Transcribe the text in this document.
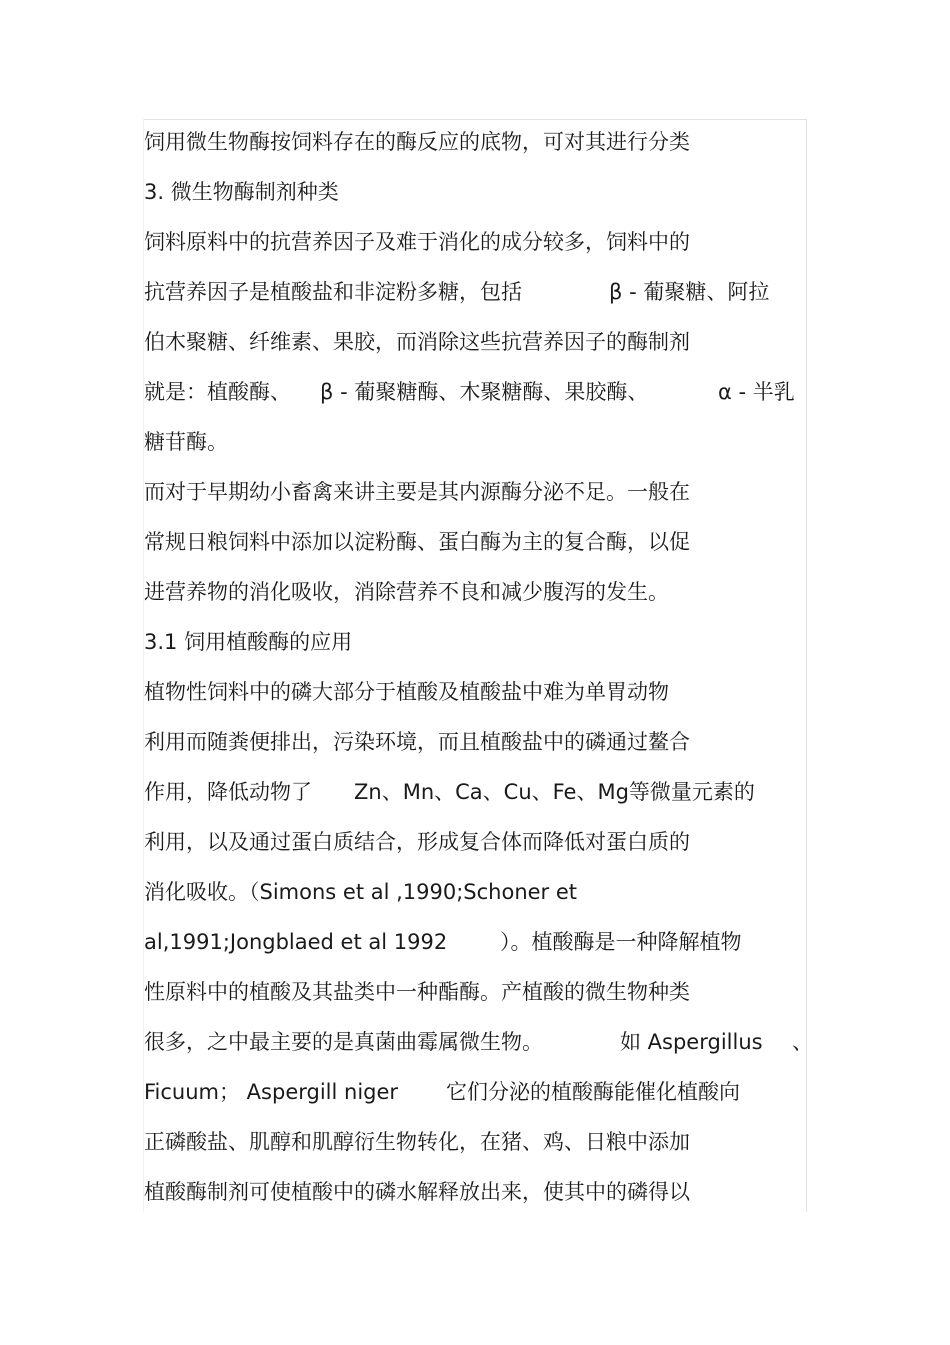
饲用微生物酶按饲料存在的酶反应的底物，可对其进行分类
3. 微生物酶制剂种类
饲料原料中的抗营养因子及难于消化的成分较多，饲料中的
抗营养因子是植酸盐和非淀粉多糖，包括	β - 葡聚糖、阿拉
伯木聚糖、纤维素、果胶，而消除这些抗营养因子的酶制剂
就是：植酸酶、 β - 葡聚糖酶、木聚糖酶、果胶酶、	α - 半乳
糖苷酶。
而对于早期幼小畜禽来讲主要是其内源酶分泌不足。一般在
常规日粮饲料中添加以淀粉酶、蛋白酶为主的复合酶，以促
进营养物的消化吸收，消除营养不良和减少腹泻的发生。
3.1 饲用植酸酶的应用
植物性饲料中的磷大部分于植酸及植酸盐中难为单胃动物
利用而随粪便排出，污染环境，而且植酸盐中的磷通过鳌合
作用，降低动物了 Zn、Mn、Ca、Cu、Fe、Mg等微量元素的
利用，以及通过蛋白质结合，形成复合体而降低对蛋白质的
消化吸收。（Simons et al ,1990;Schoner et
al,1991;Jongblaed et al 1992	）。植酸酶是一种降解植物
性原料中的植酸及其盐类中一种酯酶。产植酸的微生物种类
很多，之中最主要的是真菌曲霉属微生物。	如 Aspergillus 、
Ficuum； Aspergill niger 它们分泌的植酸酶能催化植酸向
正磷酸盐、肌醇和肌醇衍生物转化，在猪、鸡、日粮中添加
植酸酶制剂可使植酸中的磷水解释放出来，使其中的磷得以
